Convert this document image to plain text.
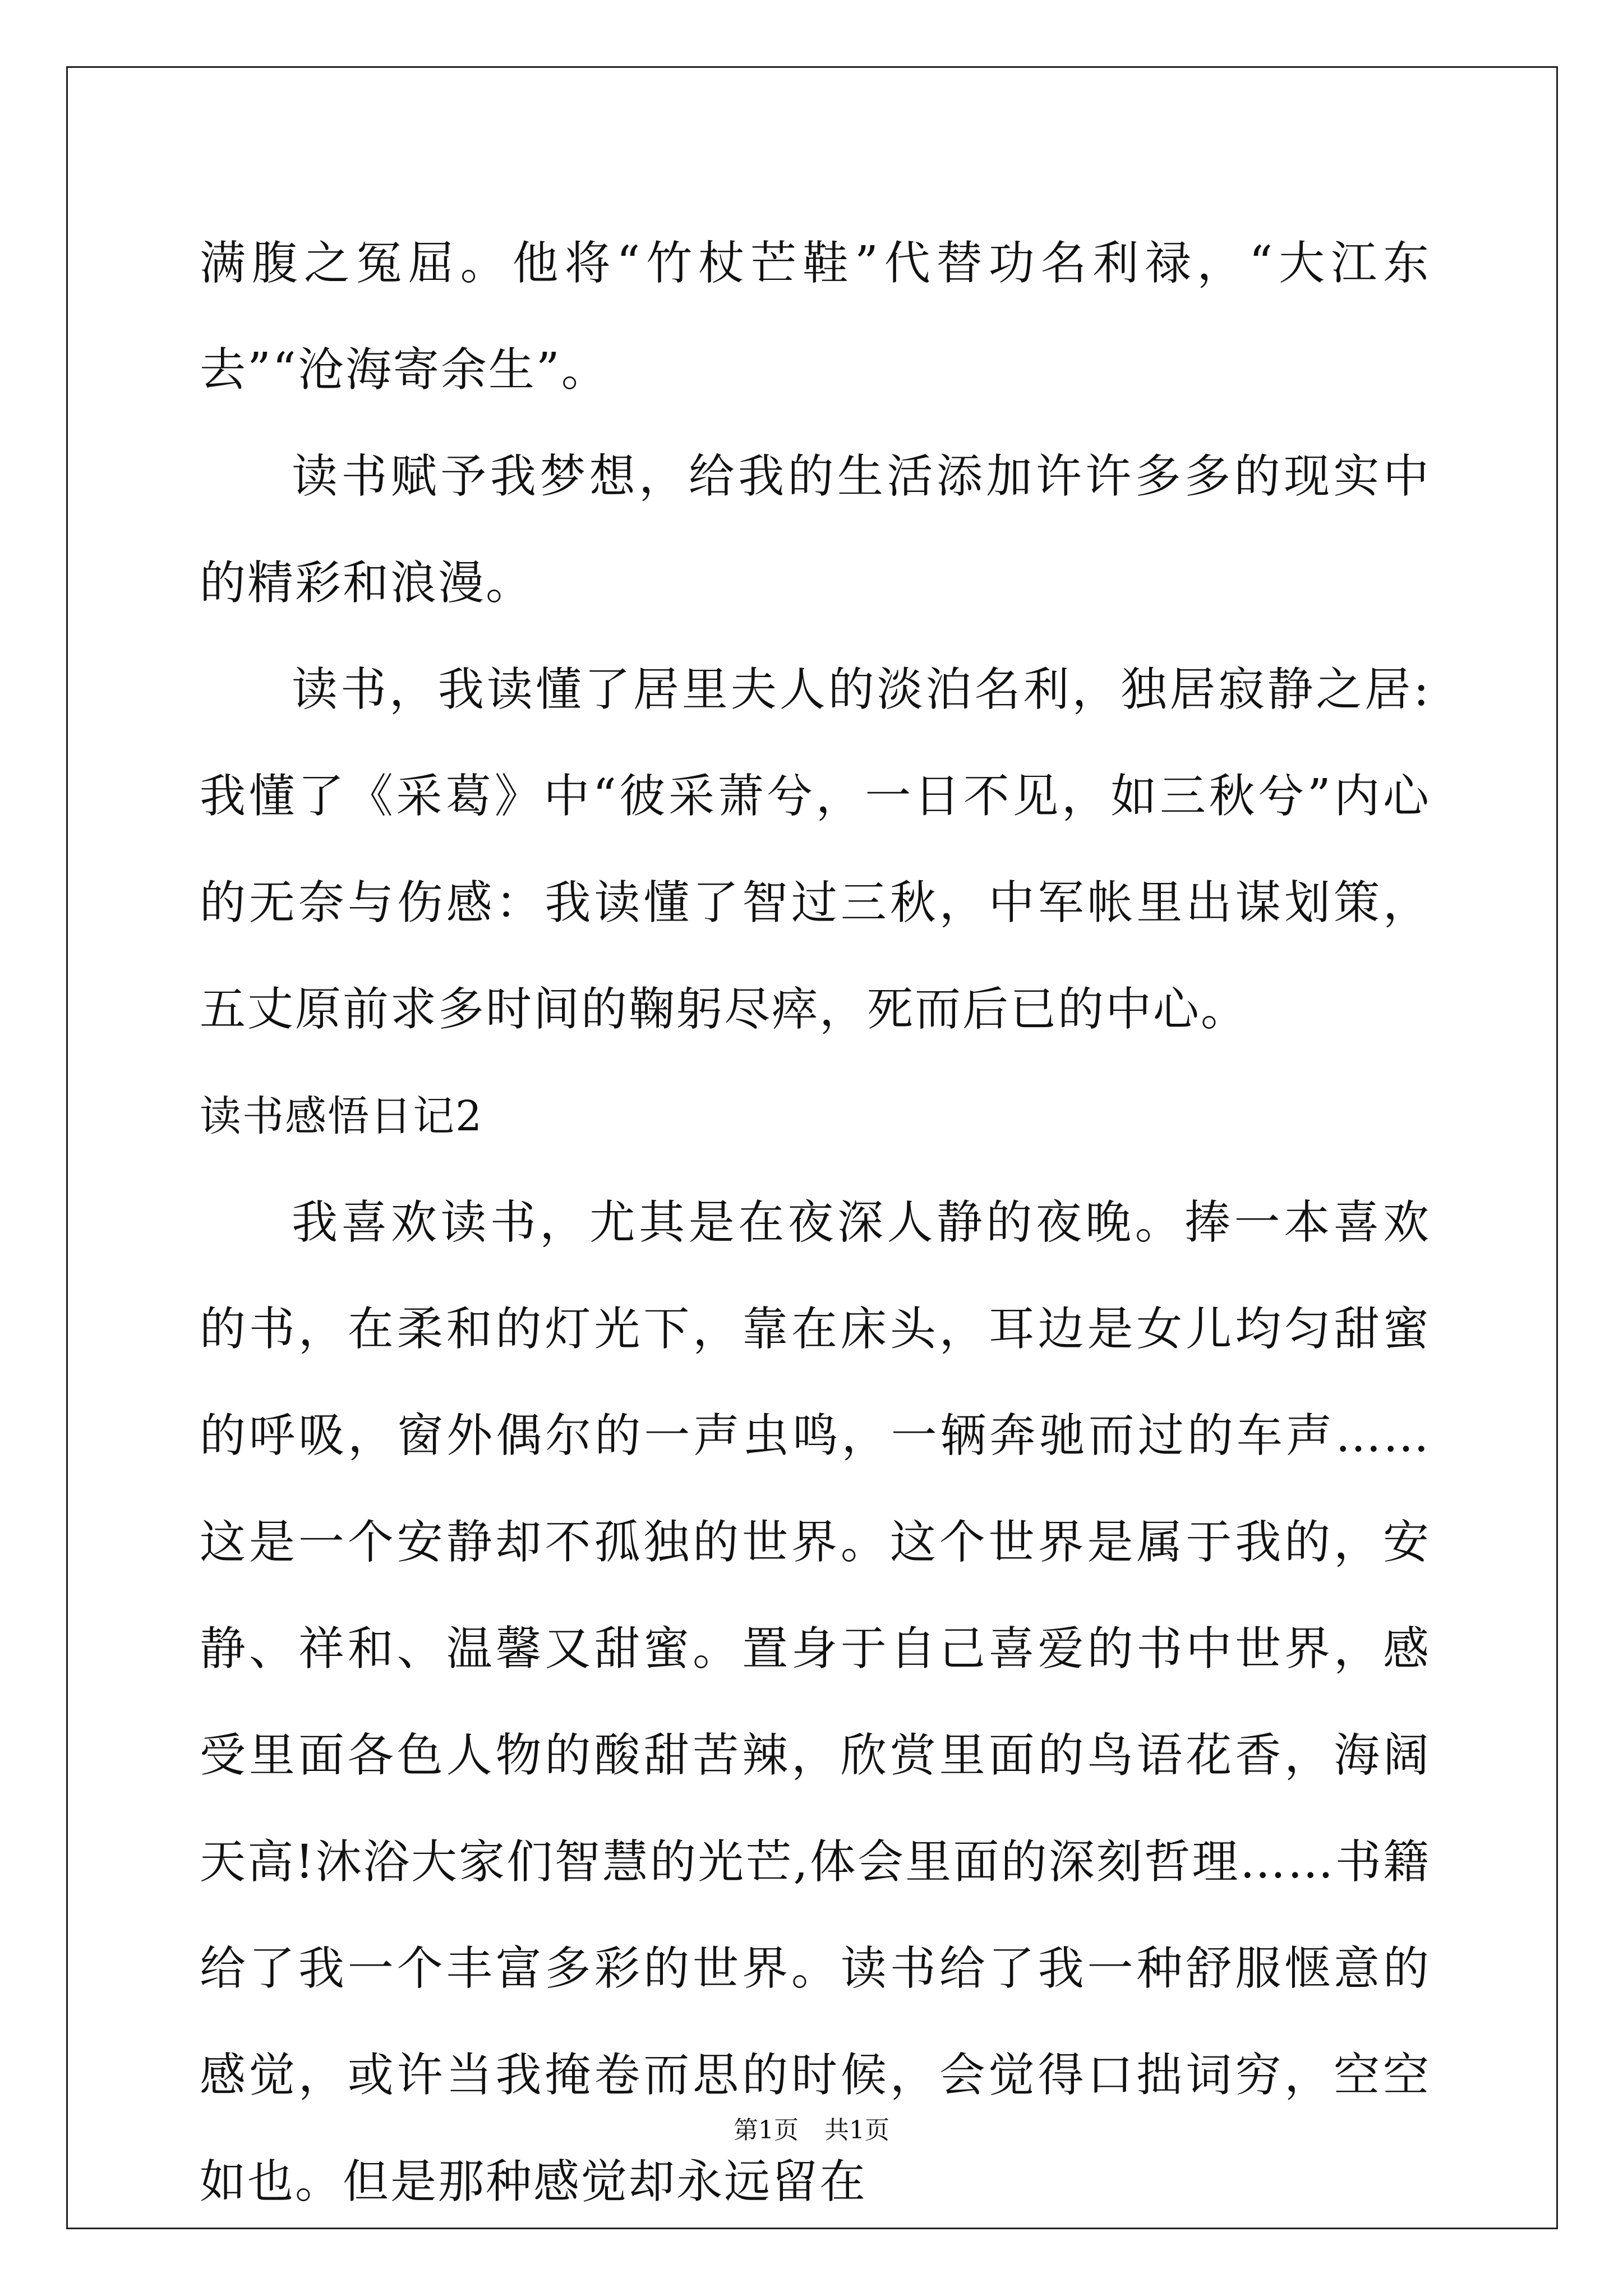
满腹之冤屈。他将“竹杖芒鞋”代替功名利禄，“大江东去”“沧海寄余生”。

读书赋予我梦想，给我的生活添加许许多多的现实中的精彩和浪漫。

读书，我读懂了居里夫人的淡泊名利，独居寂静之居:我懂了《采葛》中“彼采萧兮，一日不见，如三秋兮”内心的无奈与伤感：我读懂了智过三秋，中军帐里出谋划策，五丈原前求多时间的鞠躬尽瘁，死而后已的中心。

读书感悟日记2

我喜欢读书，尤其是在夜深人静的夜晚。捧一本喜欢的书，在柔和的灯光下，靠在床头，耳边是女儿均匀甜蜜的呼吸，窗外偶尔的一声虫鸣，一辆奔驰而过的车声……这是一个安静却不孤独的世界。这个世界是属于我的，安静、祥和、温馨又甜蜜。置身于自己喜爱的书中世界，感受里面各色人物的酸甜苦辣，欣赏里面的鸟语花香，海阔天高!沐浴大家们智慧的光芒,体会里面的深刻哲理……书籍给了我一个丰富多彩的世界。读书给了我一种舒服惬意的感觉，或许当我掩卷而思的时候，会觉得口拙词穷，空空如也。但是那种感觉却永远留在

第1页 共1页
